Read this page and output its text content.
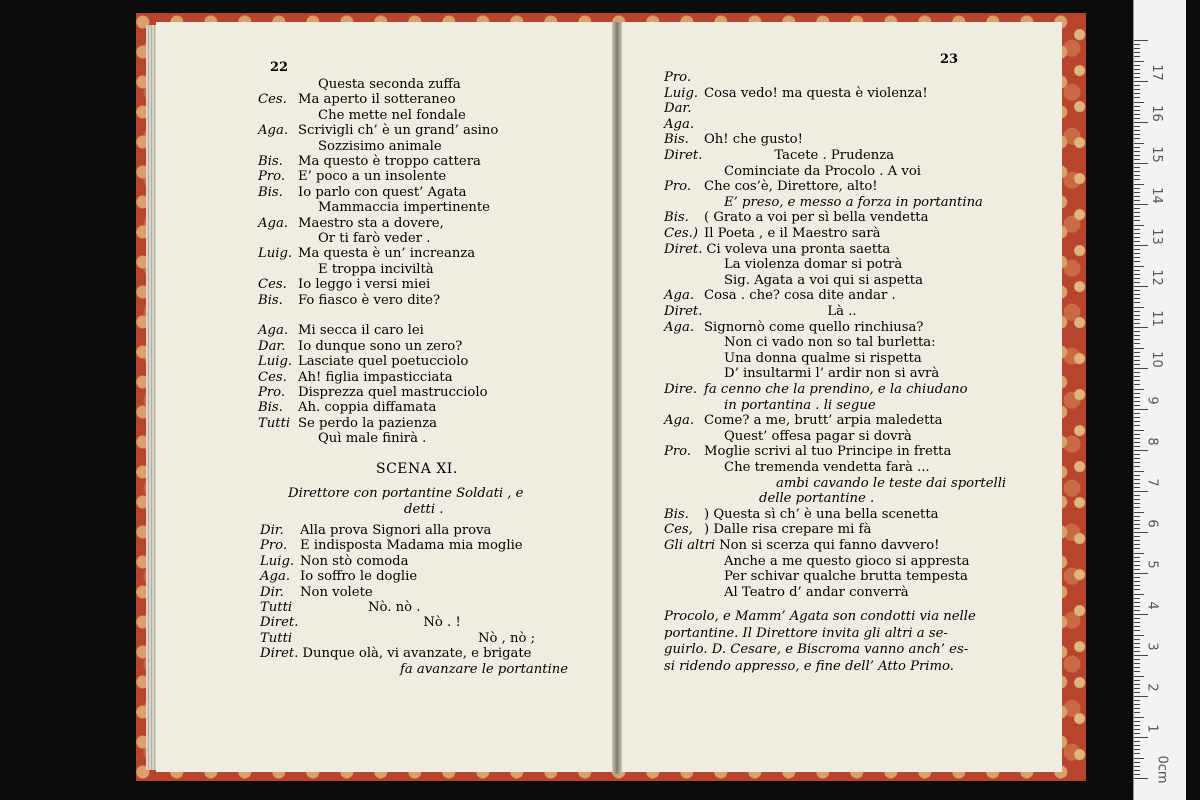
22
23
Questa seconda zuffa
Ces. Ma aperto il sotteraneo
Che mette nel fondale
Aga. Scrivigli ch’ è un grand’ asino
Sozzisimo animale
Bis. Ma questo è troppo cattera
Pro. E’ poco a un insolente
Bis. Io parlo con quest’ Agata
Mammaccia impertinente
Aga. Maestro sta a dovere,
Or ti farò veder .
Luig. Ma questa è un’ increanza
E troppa inciviltà
Ces. Io leggo i versi miei
Bis. Fo fiasco è vero dite?
Aga. Mi secca il caro lei
Dar. Io dunque sono un zero?
Luig. Lasciate quel poetucciolo
Ces. Ah! figlia impasticciata
Pro. Disprezza quel mastrucciolo
Bis. Ah. coppia diffamata
Tutti Se perdo la pazienza
Quì male finirà .
SCENA XI.
Direttore con portantine Soldati , e
detti .
Dir. Alla prova Signori alla prova
Pro. E indisposta Madama mia moglie
Luig. Non stò comoda
Aga. Io soffro le doglie
Dir. Non volete
Tutti	Nò. nò .
Diret.	Nò . !
Tutti	Nò , nò ;
Diret. Dunque olà, vi avanzate, e brigate
fa avanzare le portantine
Pro.
Luig. Cosa vedo! ma questa è violenza!
Dar.
Aga.
Bis. Oh! che gusto!
Diret.	Tacete . Prudenza
Cominciate da Procolo . A voi
Pro. Che cos’è, Direttore, alto!
E’ preso, e messo a forza in portantina
Bis. ( Grato a voi per sì bella vendetta
Ces.) Il Poeta , e il Maestro sarà
Diret. Ci voleva una pronta saetta
La violenza domar si potrà
Sig. Agata a voi qui si aspetta
Aga. Cosa . che? cosa dite andar .
Diret.	Là ..
Aga. Signornò come quello rinchiusa?
Non ci vado non so tal burletta:
Una donna qualme si rispetta
D’ insultarmi l’ ardir non si avrà
Dire. fa cenno che la prendino, e la chiudano
in portantina . li segue
Aga. Come? a me, brutt’ arpia maledetta
Quest’ offesa pagar si dovrà
Pro. Moglie scrivi al tuo Principe in fretta
Che tremenda vendetta farà ...
ambi cavando le teste dai sportelli
delle portantine .
Bis. ) Questa sì ch’ è una bella scenetta
Ces, ) Dalle risa crepare mi fà
Gli altri Non si scerza qui fanno davvero!
Anche a me questo gioco si appresta
Per schivar qualche brutta tempesta
Al Teatro d’ andar converrà
Procolo, e Mamm’ Agata son condotti via nelle
portantine. Il Direttore invita gli altri a se-
guirlo. D. Cesare, e Biscroma vanno anch’ es-
si ridendo appresso, e fine dell’ Atto Primo.
0cm
1
2
3
4
5
6
7
8
9
10
11
12
13
14
15
16
17
